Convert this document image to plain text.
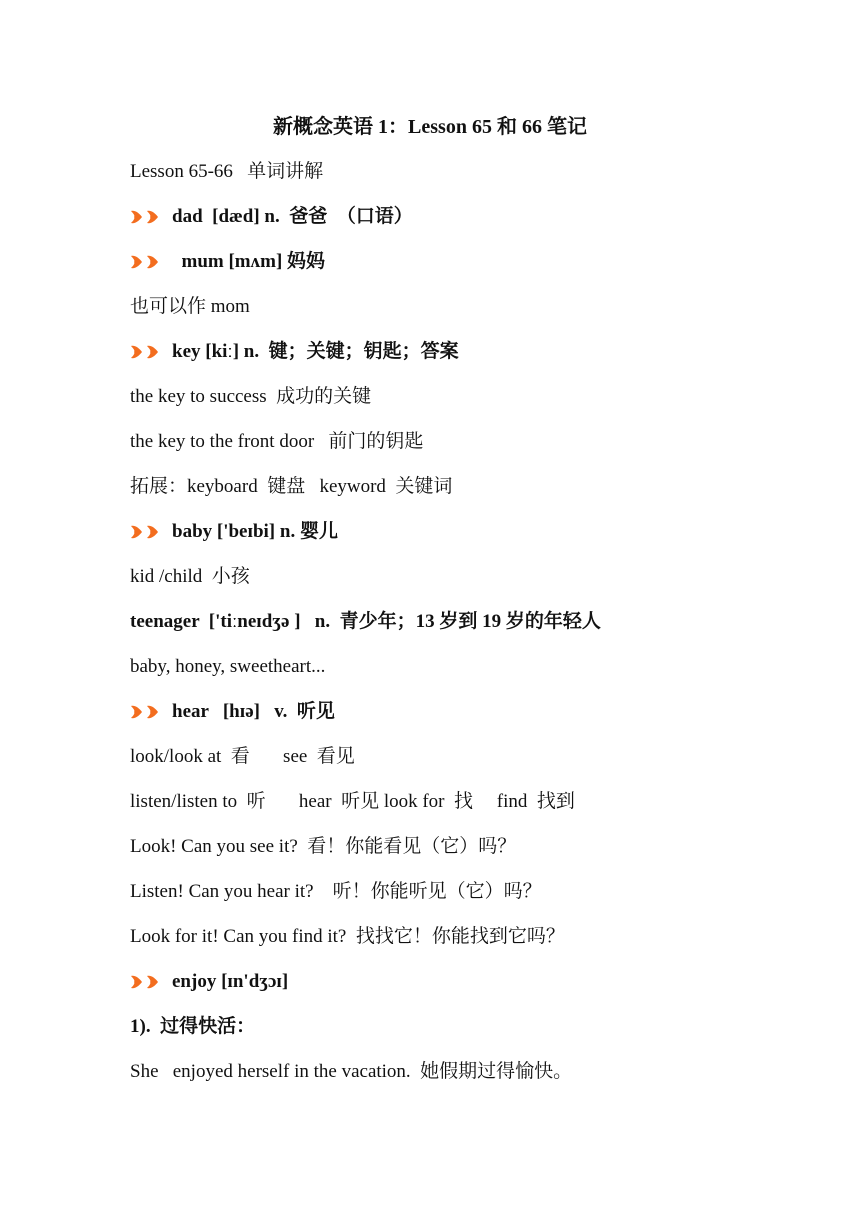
新概念英语 1：Lesson 65 和 66 笔记
Lesson 65-66   单词讲解
dad  [dæd] n.  爸爸  （口语）
mum [mʌm] 妈妈
也可以作 mom
key [kiː] n.  键；关键；钥匙；答案
the key to success  成功的关键
the key to the front door   前门的钥匙
拓展：keyboard  键盘   keyword  关键词
baby ['beɪbi] n. 婴儿
kid /child  小孩
teenager  ['tiːneɪdʒə ]   n.  青少年；13 岁到 19 岁的年轻人
baby, honey, sweetheart...
hear   [hɪə]   v.  听见
look/look at  看       see  看见
listen/listen to  听       hear  听见 look for  找     find  找到
Look! Can you see it?  看！你能看见（它）吗？
Listen! Can you hear it?    听！你能听见（它）吗？
Look for it! Can you find it?  找找它！你能找到它吗？
enjoy [ɪn'dʒɔɪ]
1).  过得快活：
She   enjoyed herself in the vacation.  她假期过得愉快。
